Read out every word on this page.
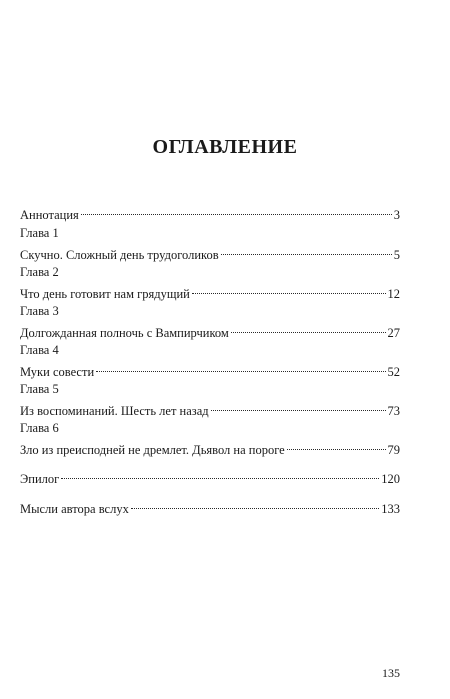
ОГЛАВЛЕНИЕ
Аннотация	3
Глава 1
Скучно. Сложный день трудоголиков	5
Глава 2
Что день готовит нам грядущий	12
Глава 3
Долгожданная полночь с Вампирчиком	27
Глава 4
Муки совести	52
Глава 5
Из воспоминаний. Шесть лет назад	73
Глава 6
Зло из преисподней не дремлет. Дьявол на пороге	79
Эпилог	120
Мысли автора вслух	133
135
